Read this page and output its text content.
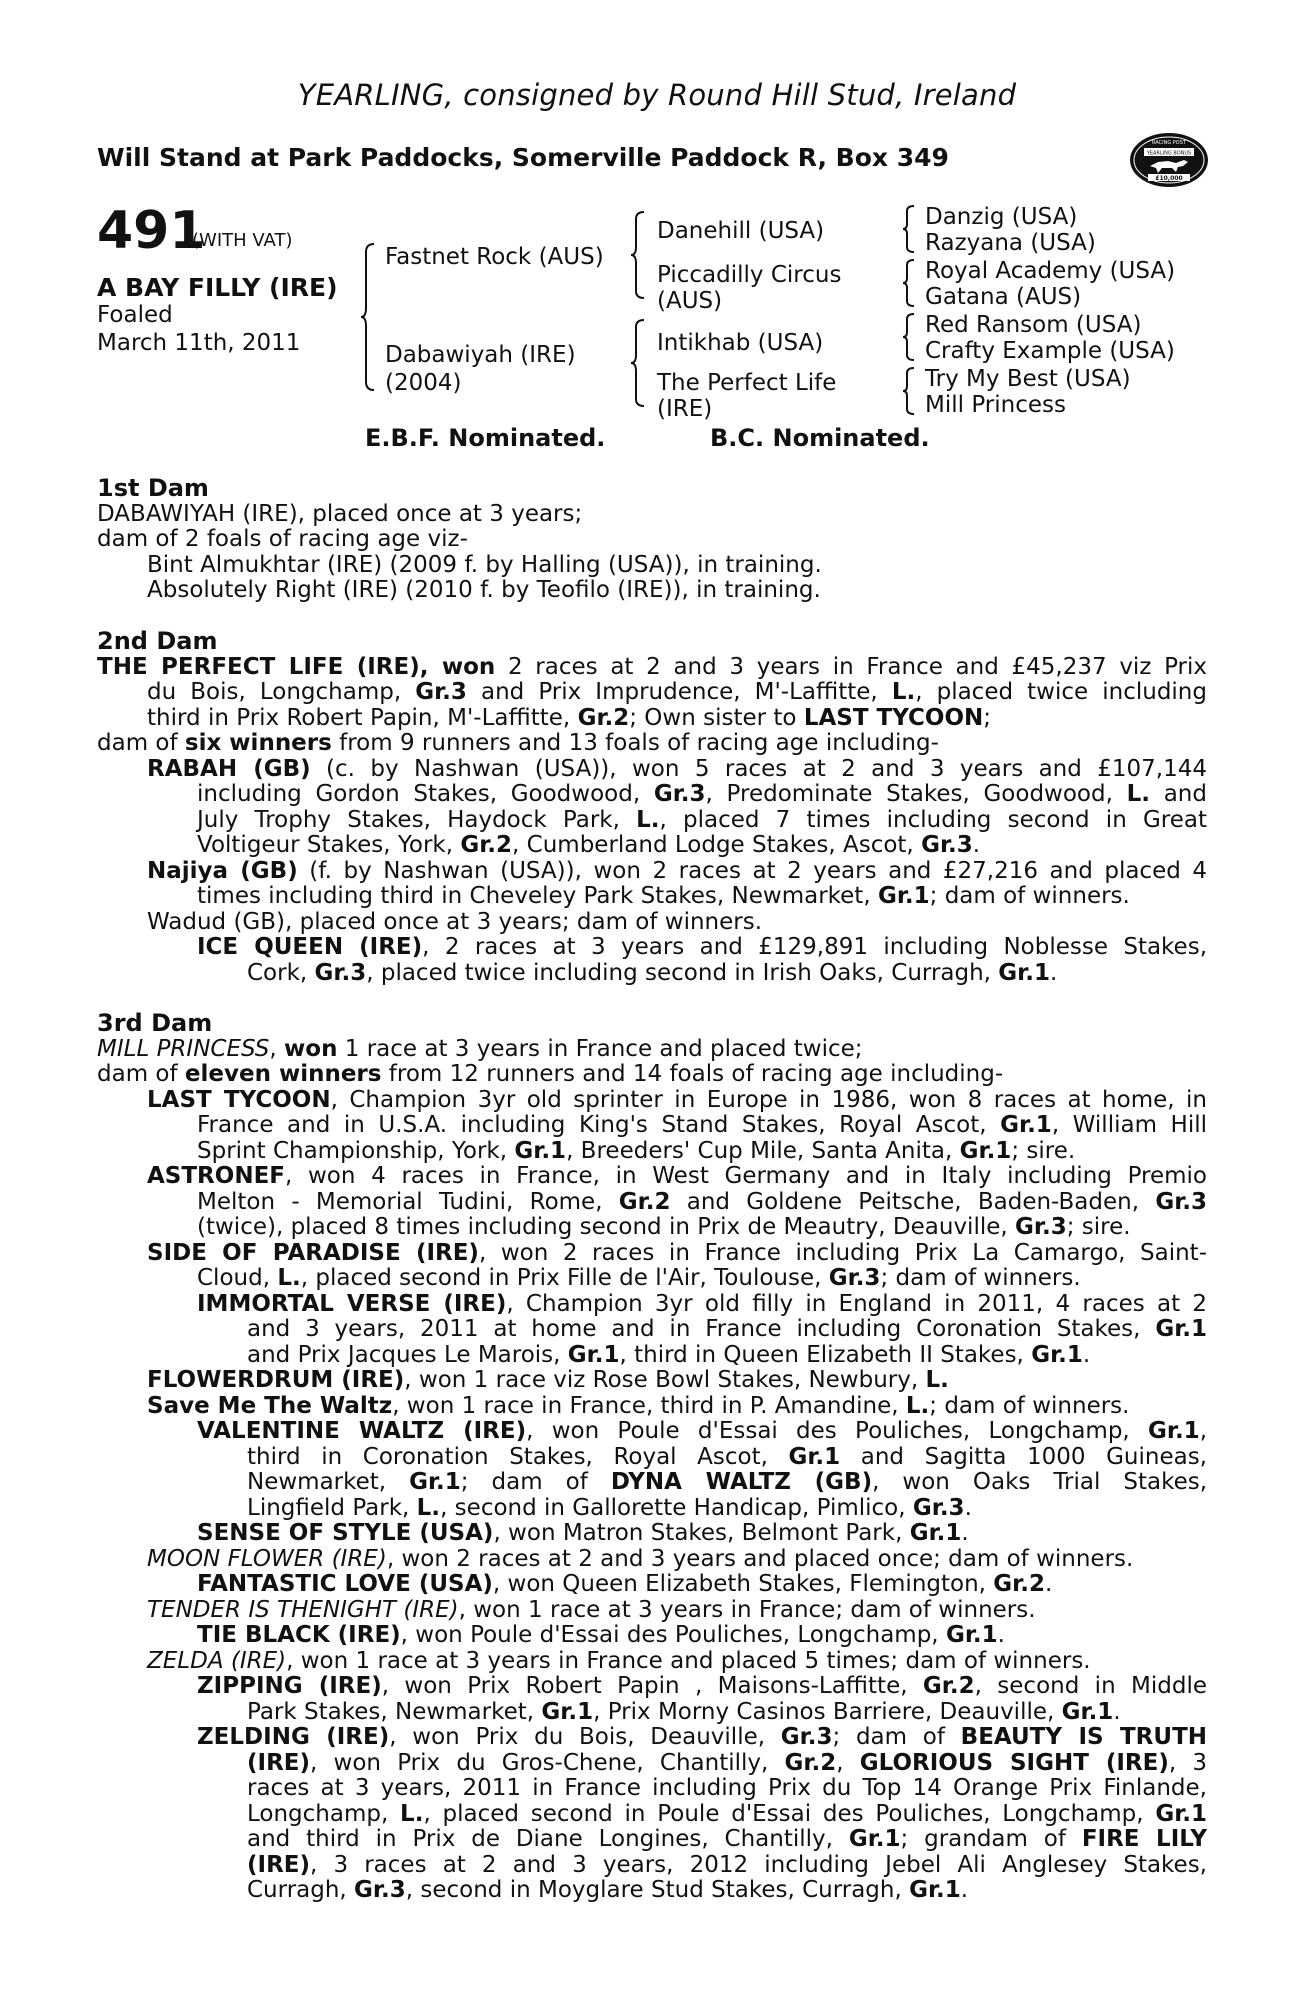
YEARLING, consigned by Round Hill Stud, Ireland
Will Stand at Park Paddocks, Somerville Paddock R, Box 349	RACING POST
YEARLING BONUS
£10,000
491
(WITH VAT)
A BAY FILLY (IRE)
Foaled
March 11th, 2011
Fastnet Rock (AUS)
Dabawiyah (IRE)
(2004)
Danehill (USA)
Piccadilly Circus
(AUS)
Intikhab (USA)
The Perfect Life
(IRE)
Danzig (USA)
Razyana (USA)
Royal Academy (USA)
Gatana (AUS)
Red Ransom (USA)
Crafty Example (USA)
Try My Best (USA)
Mill Princess
E.B.F. Nominated.	B.C. Nominated.
1st Dam
DABAWIYAH (IRE), placed once at 3 years;
dam of 2 foals of racing age viz-
Bint Almukhtar (IRE) (2009 f. by Halling (USA)), in training.
Absolutely Right (IRE) (2010 f. by Teofilo (IRE)), in training.
2nd Dam
THE PERFECT LIFE (IRE), won 2 races at 2 and 3 years in France and £45,237 viz Prix
du Bois, Longchamp, Gr.3 and Prix Imprudence, M'-Laffitte, L., placed twice including
third in Prix Robert Papin, M'-Laffitte, Gr.2; Own sister to LAST TYCOON;
dam of six winners from 9 runners and 13 foals of racing age including-
RABAH (GB) (c. by Nashwan (USA)), won 5 races at 2 and 3 years and £107,144
including Gordon Stakes, Goodwood, Gr.3, Predominate Stakes, Goodwood, L. and
July Trophy Stakes, Haydock Park, L., placed 7 times including second in Great
Voltigeur Stakes, York, Gr.2, Cumberland Lodge Stakes, Ascot, Gr.3.
Najiya (GB) (f. by Nashwan (USA)), won 2 races at 2 years and £27,216 and placed 4
times including third in Cheveley Park Stakes, Newmarket, Gr.1; dam of winners.
Wadud (GB), placed once at 3 years; dam of winners.
ICE QUEEN (IRE), 2 races at 3 years and £129,891 including Noblesse Stakes,
Cork, Gr.3, placed twice including second in Irish Oaks, Curragh, Gr.1.
3rd Dam
MILL PRINCESS, won 1 race at 3 years in France and placed twice;
dam of eleven winners from 12 runners and 14 foals of racing age including-
LAST TYCOON, Champion 3yr old sprinter in Europe in 1986, won 8 races at home, in
France and in U.S.A. including King's Stand Stakes, Royal Ascot, Gr.1, William Hill
Sprint Championship, York, Gr.1, Breeders' Cup Mile, Santa Anita, Gr.1; sire.
ASTRONEF, won 4 races in France, in West Germany and in Italy including Premio
Melton - Memorial Tudini, Rome, Gr.2 and Goldene Peitsche, Baden-Baden, Gr.3
(twice), placed 8 times including second in Prix de Meautry, Deauville, Gr.3; sire.
SIDE OF PARADISE (IRE), won 2 races in France including Prix La Camargo, Saint-
Cloud, L., placed second in Prix Fille de l'Air, Toulouse, Gr.3; dam of winners.
IMMORTAL VERSE (IRE), Champion 3yr old filly in England in 2011, 4 races at 2
and 3 years, 2011 at home and in France including Coronation Stakes, Gr.1
and Prix Jacques Le Marois, Gr.1, third in Queen Elizabeth II Stakes, Gr.1.
FLOWERDRUM (IRE), won 1 race viz Rose Bowl Stakes, Newbury, L.
Save Me The Waltz, won 1 race in France, third in P. Amandine, L.; dam of winners.
VALENTINE WALTZ (IRE), won Poule d'Essai des Pouliches, Longchamp, Gr.1,
third in Coronation Stakes, Royal Ascot, Gr.1 and Sagitta 1000 Guineas,
Newmarket, Gr.1; dam of DYNA WALTZ (GB), won Oaks Trial Stakes,
Lingfield Park, L., second in Gallorette Handicap, Pimlico, Gr.3.
SENSE OF STYLE (USA), won Matron Stakes, Belmont Park, Gr.1.
MOON FLOWER (IRE), won 2 races at 2 and 3 years and placed once; dam of winners.
FANTASTIC LOVE (USA), won Queen Elizabeth Stakes, Flemington, Gr.2.
TENDER IS THENIGHT (IRE), won 1 race at 3 years in France; dam of winners.
TIE BLACK (IRE), won Poule d'Essai des Pouliches, Longchamp, Gr.1.
ZELDA (IRE), won 1 race at 3 years in France and placed 5 times; dam of winners.
ZIPPING (IRE), won Prix Robert Papin , Maisons-Laffitte, Gr.2, second in Middle
Park Stakes, Newmarket, Gr.1, Prix Morny Casinos Barriere, Deauville, Gr.1.
ZELDING (IRE), won Prix du Bois, Deauville, Gr.3; dam of BEAUTY IS TRUTH
(IRE), won Prix du Gros-Chene, Chantilly, Gr.2, GLORIOUS SIGHT (IRE), 3
races at 3 years, 2011 in France including Prix du Top 14 Orange Prix Finlande,
Longchamp, L., placed second in Poule d'Essai des Pouliches, Longchamp, Gr.1
and third in Prix de Diane Longines, Chantilly, Gr.1; grandam of FIRE LILY
(IRE), 3 races at 2 and 3 years, 2012 including Jebel Ali Anglesey Stakes,
Curragh, Gr.3, second in Moyglare Stud Stakes, Curragh, Gr.1.
